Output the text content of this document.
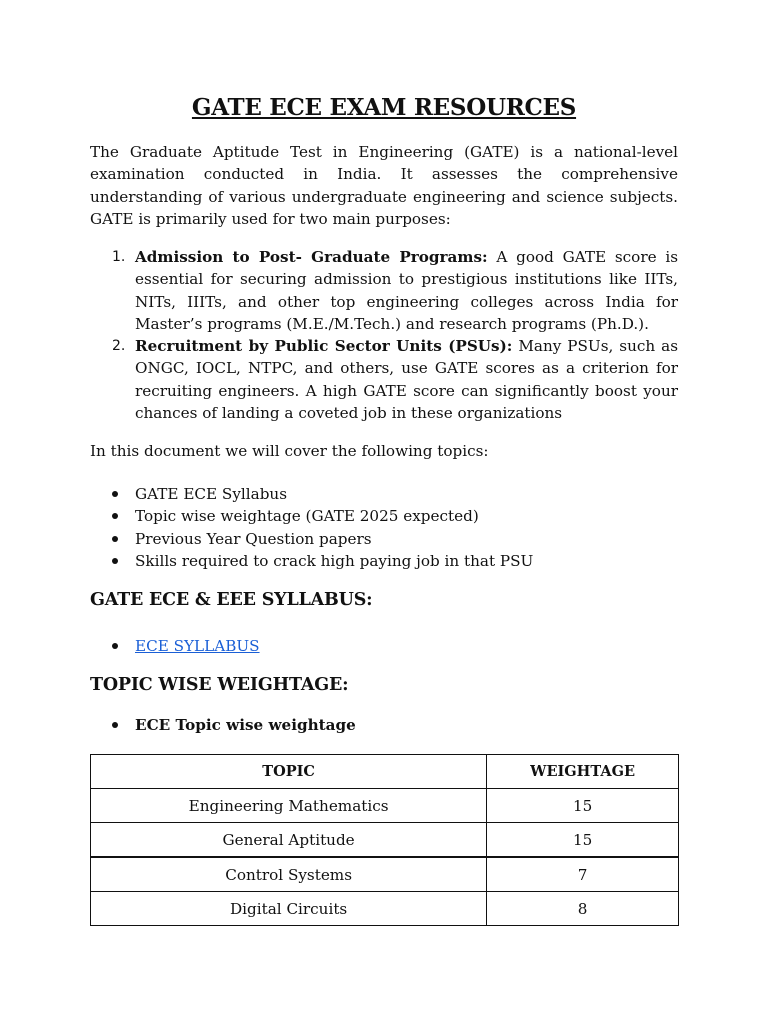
GATE ECE EXAM RESOURCES

The Graduate Aptitude Test in Engineering (GATE) is a national-level examination conducted in India. It assesses the comprehensive understanding of various undergraduate engineering and science subjects. GATE is primarily used for two main purposes:

1. Admission to Post- Graduate Programs: A good GATE score is essential for securing admission to prestigious institutions like IITs, NITs, IIITs, and other top engineering colleges across India for Master’s programs (M.E./M.Tech.) and research programs (Ph.D.).
2. Recruitment by Public Sector Units (PSUs): Many PSUs, such as ONGC, IOCL, NTPC, and others, use GATE scores as a criterion for recruiting engineers. A high GATE score can significantly boost your chances of landing a coveted job in these organizations

In this document we will cover the following topics:

GATE ECE Syllabus
Topic wise weightage (GATE 2025 expected)
Previous Year Question papers
Skills required to crack high paying job in that PSU
GATE ECE & EEE SYLLABUS:
ECE SYLLABUS
TOPIC WISE WEIGHTAGE:
ECE Topic wise weightage
TOPIC	WEIGHTAGE
Engineering Mathematics	15
General Aptitude	15
Control Systems	7
Digital Circuits	8
